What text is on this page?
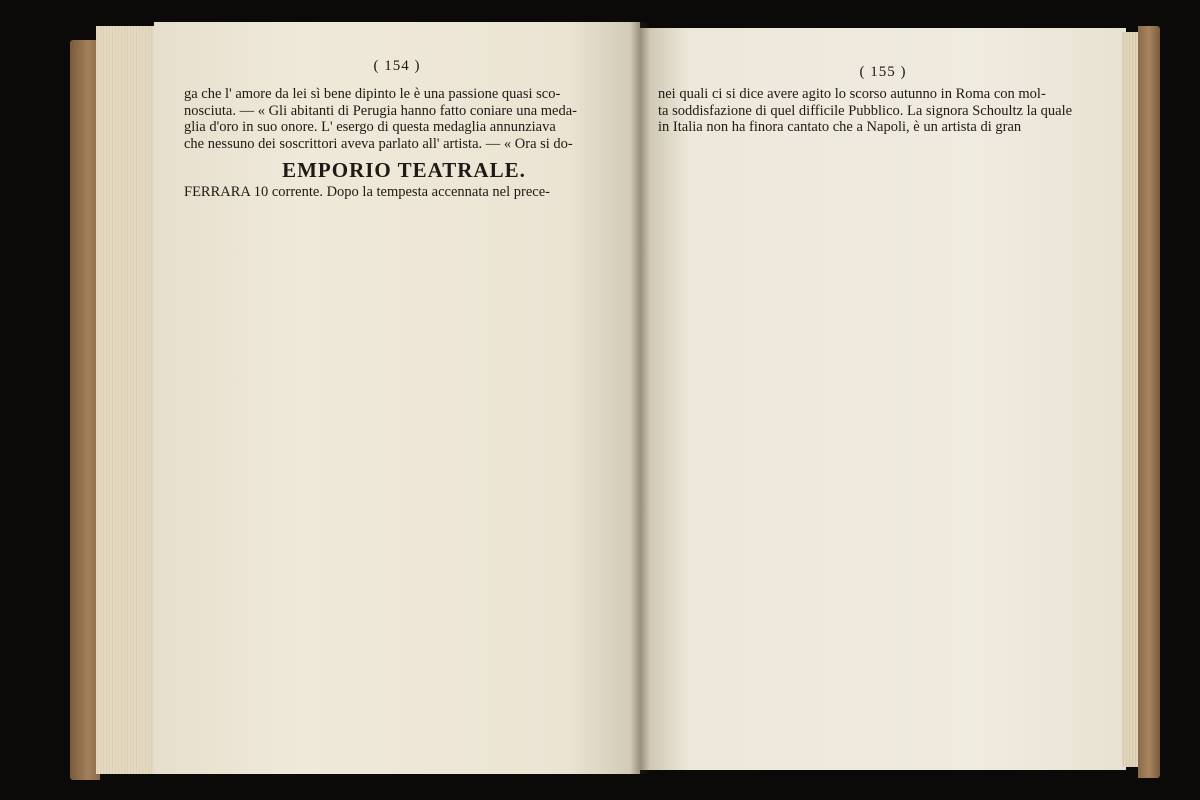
( 154 )
ga che l' amore da lei sì bene dipinto le è una passione quasi sco-
nosciuta. — « Gli abitanti di Perugia hanno fatto coniare una meda-
glia d'oro in suo onore. L' esergo di questa medaglia annunziava
che nessuno dei soscrittori aveva parlato all' artista. — « Ora si do-
EMPORIO TEATRALE.
FERRARA 10 corrente. Dopo la tempesta accennata nel prece-
( 155 )
nei quali ci si dice avere agito lo scorso autunno in Roma con mol-
ta soddisfazione di quel difficile Pubblico. La signora Schoultz la quale
in Italia non ha finora cantato che a Napoli, è un artista di gran
